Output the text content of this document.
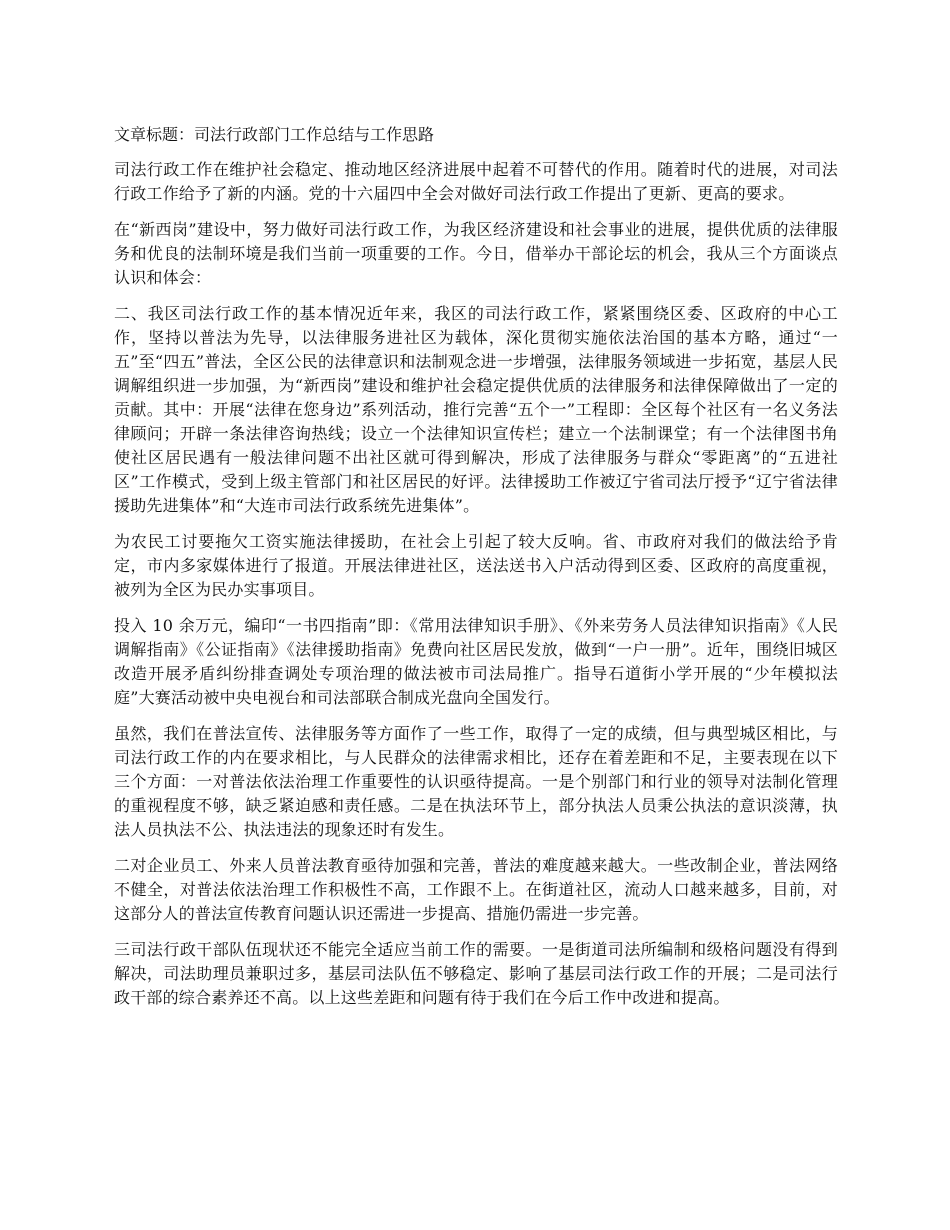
文章标题：司法行政部门工作总结与工作思路

司法行政工作在维护社会稳定、推动地区经济进展中起着不可替代的作用。随着时代的进展，对司法行政工作给予了新的内涵。党的十六届四中全会对做好司法行政工作提出了更新、更高的要求。

在“新西岗”建设中，努力做好司法行政工作，为我区经济建设和社会事业的进展，提供优质的法律服务和优良的法制环境是我们当前一项重要的工作。今日，借举办干部论坛的机会，我从三个方面谈点认识和体会：

二、我区司法行政工作的基本情况近年来，我区的司法行政工作，紧紧围绕区委、区政府的中心工作，坚持以普法为先导，以法律服务进社区为载体，深化贯彻实施依法治国的基本方略，通过“一五”至“四五”普法，全区公民的法律意识和法制观念进一步增强，法律服务领域进一步拓宽，基层人民调解组织进一步加强，为“新西岗”建设和维护社会稳定提供优质的法律服务和法律保障做出了一定的贡献。其中：开展“法律在您身边”系列活动，推行完善“五个一”工程即：全区每个社区有一名义务法律顾问；开辟一条法律咨询热线；设立一个法律知识宣传栏；建立一个法制课堂；有一个法律图书角使社区居民遇有一般法律问题不出社区就可得到解决，形成了法律服务与群众“零距离”的“五进社区”工作模式，受到上级主管部门和社区居民的好评。法律援助工作被辽宁省司法厅授予“辽宁省法律援助先进集体”和“大连市司法行政系统先进集体”。

为农民工讨要拖欠工资实施法律援助，在社会上引起了较大反响。省、市政府对我们的做法给予肯定，市内多家媒体进行了报道。开展法律进社区，送法送书入户活动得到区委、区政府的高度重视，被列为全区为民办实事项目。

投入 10 余万元，编印“一书四指南”即：《常用法律知识手册》、《外来劳务人员法律知识指南》《人民调解指南》《公证指南》《法律援助指南》免费向社区居民发放，做到“一户一册”。近年，围绕旧城区改造开展矛盾纠纷排查调处专项治理的做法被市司法局推广。指导石道街小学开展的“少年模拟法庭”大赛活动被中央电视台和司法部联合制成光盘向全国发行。

虽然，我们在普法宣传、法律服务等方面作了一些工作，取得了一定的成绩，但与典型城区相比，与司法行政工作的内在要求相比，与人民群众的法律需求相比，还存在着差距和不足，主要表现在以下三个方面：一对普法依法治理工作重要性的认识亟待提高。一是个别部门和行业的领导对法制化管理的重视程度不够，缺乏紧迫感和责任感。二是在执法环节上，部分执法人员秉公执法的意识淡薄，执法人员执法不公、执法违法的现象还时有发生。

二对企业员工、外来人员普法教育亟待加强和完善，普法的难度越来越大。一些改制企业，普法网络不健全，对普法依法治理工作积极性不高，工作跟不上。在街道社区，流动人口越来越多，目前，对这部分人的普法宣传教育问题认识还需进一步提高、措施仍需进一步完善。

三司法行政干部队伍现状还不能完全适应当前工作的需要。一是街道司法所编制和级格问题没有得到解决，司法助理员兼职过多，基层司法队伍不够稳定、影响了基层司法行政工作的开展；二是司法行政干部的综合素养还不高。以上这些差距和问题有待于我们在今后工作中改进和提高。
